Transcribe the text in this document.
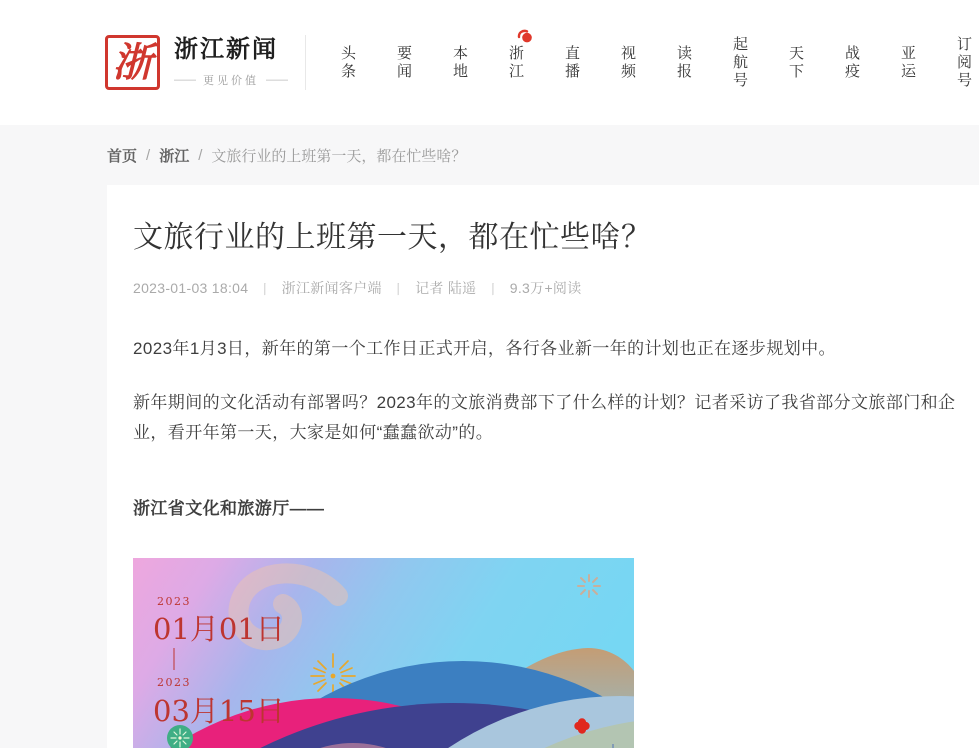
浙 浙江新闻
—— 更见价值 ——	头条	要闻	本地	浙江	直播	视频	读报	起航号	天下	战疫	亚运	订阅号
首页 / 浙江 / 文旅行业的上班第一天，都在忙些啥？
文旅行业的上班第一天，都在忙些啥？
2023-01-03 18:04 丨 浙江新闻客户端 丨 记者 陆遥 丨 9.3万+阅读

2023年1月3日，新年的第一个工作日正式开启，各行各业新一年的计划也正在逐步规划中。

新年期间的文化活动有部署吗？2023年的文旅消费部下了什么样的计划？记者采访了我省部分文旅部门和企业，看开年第一天，大家是如何“蠢蠢欲动”的。

浙江省文化和旅游厅——

2023
01月01日
2023
03月15日
